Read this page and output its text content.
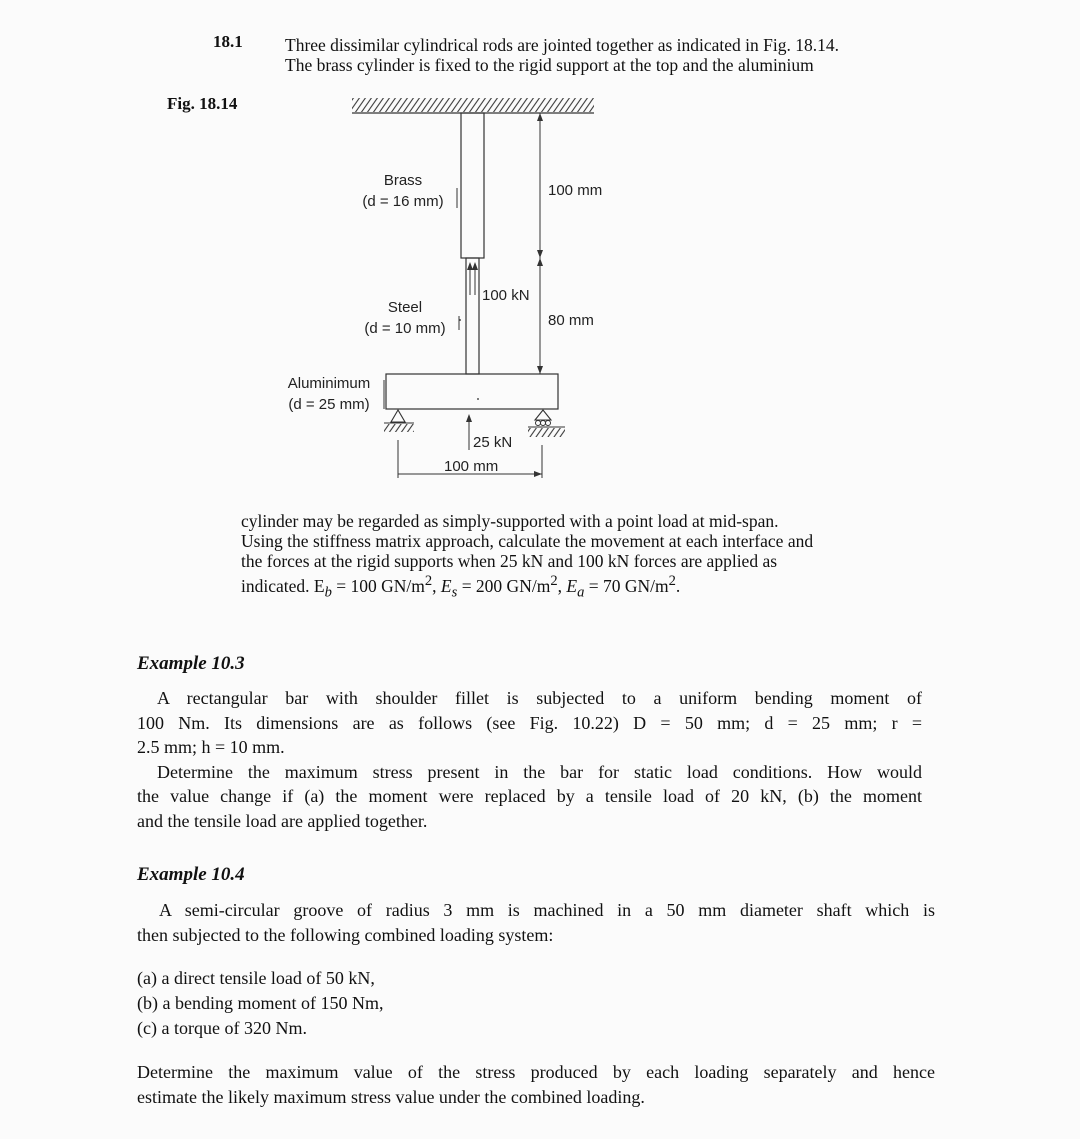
18.1 Three dissimilar cylindrical rods are jointed together as indicated in Fig. 18.14.
The brass cylinder is fixed to the rigid support at the top and the aluminium
Fig. 18.14
Brass
(d = 16 mm)
Steel
(d = 10 mm)
Aluminimum
(d = 25 mm)
100 mm
80 mm
100 kN
25 kN
100 mm
cylinder may be regarded as simply-supported with a point load at mid-span.
Using the stiffness matrix approach, calculate the movement at each interface and
the forces at the rigid supports when 25 kN and 100 kN forces are applied as
indicated. $E_b = 100$ $GN/m^2$, $E_s = 200$ $GN/m^2$, $E_a = 70$ $GN/m^2$.
Example 10.3
A rectangular bar with shoulder fillet is subjected to a uniform bending moment of
100 Nm. Its dimensions are as follows (see Fig. 10.22) D = 50 mm; d = 25 mm; r =
2.5 mm; h = 10 mm.
Determine the maximum stress present in the bar for static load conditions. How would
the value change if (a) the moment were replaced by a tensile load of 20 kN, (b) the moment
and the tensile load are applied together.
Example 10.4
A semi-circular groove of radius 3 mm is machined in a 50 mm diameter shaft which is
then subjected to the following combined loading system:
(a) a direct tensile load of 50 kN,
(b) a bending moment of 150 Nm,
(c) a torque of 320 Nm.
Determine the maximum value of the stress produced by each loading separately and hence
estimate the likely maximum stress value under the combined loading.
